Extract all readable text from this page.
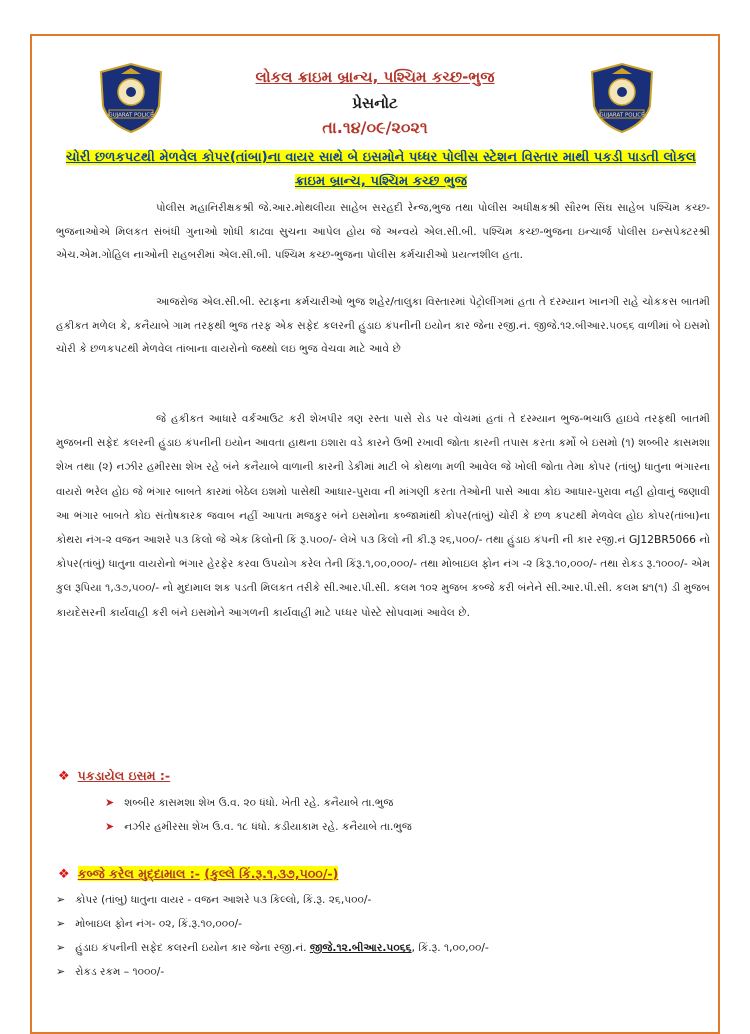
GUJARAT POLICE	GUJARAT POLICE
લોકલ ક્રાઇમ બ્રાન્ચ, પશ્ચિમ કચ્છ-ભુજ
પ્રેસનોટ
તા.૧૪/૦૯/૨૦૨૧
ચોરી છળકપટથી મેળવેલ કોપર(તાંબા)ના વાયર સાથે બે ઇસમોને પધ્ધર પોલીસ સ્ટેશન વિસ્તાર માથી પકડી પાડતી લોકલ ક્રાઇમ બ્રાન્ચ, પશ્ચિમ કચ્છ ભુજ

પોલીસ મહાનિરીક્ષકશ્રી જે.આર.મોથલીયા સાહેબ સરહદી રેન્જ,ભુજ તથા પોલીસ અધીક્ષકશ્રી સૌરભ સિંઘ સાહેબ પશ્ચિમ કચ્છ-ભુજનાઓએ મિલકત સંબંધી ગુનાઓ શોધી કાઢવા સુચના આપેલ હોય જે અન્વયે એલ.સી.બી. પશ્ચિમ કચ્છ-ભુજના ઇન્ચાર્જ પોલીસ ઇન્સપેક્ટરશ્રી એચ.એમ.ગોહિલ નાઓની રાહબરીમાં એલ.સી.બી. પશ્ચિમ કચ્છ-ભુજના પોલીસ કર્મચારીઓ પ્રયત્નશીલ હતા.

આજરોજ એલ.સી.બી. સ્ટાફના કર્મચારીઓ ભુજ શહેર/તાલુકા વિસ્તારમાં પેટ્રોલીંગમાં હતા તે દરમ્યાન ખાનગી રાહે ચોકકસ બાતમી હકીકત મળેલ કે, કનૈયાબે ગામ તરફથી ભુજ તરફ એક સફેદ કલરની હુંડાઇ કંપનીની ઇયોન કાર જેના રજી.નં. જીજે.૧૨.બીઆર.૫૦૬૬ વાળીમાં બે ઇસમો ચોરી કે છળકપટથી મેળવેલ તાંબાના વાયરોનો જથ્થો લઇ ભુજ વેચવા માટે આવે છે

જે હકીકત આધારે વર્કઆઉટ કરી શેખપીર ત્રણ રસ્તા પાસે રોડ પર વોચમાં હતાં તે દરમ્યાન ભુજ-ભચાઉ હાઇવે તરફથી બાતમી મુજબની સફેદ કલરની હુંડાઇ કંપનીની ઇયોન આવતા હાથના ઇશારા વડે કારને ઉભી રખાવી જોતા કારની તપાસ કરતા કર્મો બે ઇસમો (૧) શબ્બીર કાસમશા શેખ તથા (૨) નઝીર હમીરસા શેખ રહે બંને કનૈયાબે વાળાની કારની ડેકીમાં માટી બે કોથળા મળી આવેલ જે ખોલી જોતા તેમા કોપર (તાંબુ) ધાતુના ભંગારના વાયરો ભરેલ હોઇ જે ભંગાર બાબતે કારમાં બેઠેલ ઇશમો પાસેથી આધાર-પુરાવા ની માંગણી કરતા તેઓની પાસે આવા કોઇ આધાર-પુરાવા નહી હોવાનું જણાવી આ ભંગાર બાબતે કોઇ સંતોષકારક જવાબ નહીં આપતા મજકુર બંને ઇસમોના કબ્જામાંથી કોપર(તાંબું) ચોરી કે છળ કપટથી મેળવેલ હોઇ કોપર(તાંબા)ના કોથરા નંગ-૨ વજન આશરે ૫૩ કિલો જે એક કિલોની કિં રૂ.૫૦૦/- લેખે ૫૩ કિલો ની કી.રૂ ૨૬,૫૦૦/- તથા હુંડાઇ કંપની ની કાર રજી.નં GJ12BR5066 નો કોપર(તાંબું) ધાતુના વાયરોનો ભંગાર હેરફેર કરવા ઉપયોગ કરેલ તેની કિંરૂ.૧,૦૦,૦૦૦/- તથા મોબાઇલ ફોન નંગ -૨ કિરૂ.૧૦,૦૦૦/- તથા રોકડ રૂ.૧૦૦૦/- એમ કુલ રૂપિયા ૧,૩૭,૫૦૦/- નો મુદામાલ શક પડતી મિલકત તરીકે સી.આર.પી.સી. કલમ ૧૦૨ મુજબ કબ્જે કરી બંનેને સી.આર.પી.સી. કલમ ૪૧(૧) ડી મુજબ કાયદેસરની કાર્યવાહી કરી બંને ઇસમોને આગળની કાર્યવાહી માટે પધ્ધર પોસ્ટે સોપવામાં આવેલ છે.

❖ પકડાયેલ ઇસમ :-
➤ શબ્બીર કાસમશા શેખ ઉ.વ. ૨૦ ધંધો. ખેતી રહે. કનૈયાબે તા.ભુજ
➤ નઝીર હમીરસા શેખ ઉ.વ. ૧૮ ધંધો. કડીયાકામ રહે. કનૈયાબે તા.ભુજ
❖ કબ્જે કરેલ મુદ્દામાલ :- (કુલ્લે કિં.રૂ.૧,૩૭,૫૦૦/-)
➢ કોપર (તાંબુ) ધાતુના વાયર - વજન આશરે ૫૩ કિલ્લો, કિં.રૂ. ૨૬,૫૦૦/-
➢ મોબાઇલ ફોન નંગ- ૦૨, કિં.રૂ.૧૦,૦૦૦/-
➢ હુંડાઇ કંપનીની સફેદ કલરની ઇયોન કાર જેના રજી.નં. જીજે.૧૨.બીઆર.૫૦૬૬, કિં.રૂ. ૧,૦૦,૦૦/-
➢ રોકડ રકમ – ૧૦૦૦/-
